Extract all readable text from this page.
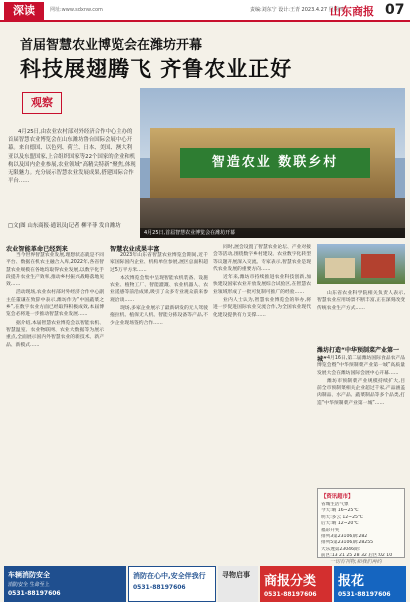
深读	网址:www.sdxnw.com	责编:刘东宁 设计:王青 2023.4.27 星期四
山东商报 07
首届智慧农业博览会在潍坊开幕
科技展翅腾飞 齐鲁农业正好
观察
4月25日,由农业农村部对外经济合作中心主办的首届智慧农业博览会在山东潍坊鲁台国际会展中心开幕。来自德国、以色列、荷兰、日本、美国、澳大利亚以及东盟国家,上合组织国家等22个国家的企业和机构以及国内企业参展,农业领域“高精尖特新”聚焦,体现无限魅力。充分展示智慧农业发展成果,搭建国际合作平台……
□文|图 山东商报·通讯员|记者 柳平菲 发自潍坊
智造农业 数联乡村
4月25日,首届智慧农业博览会在潍坊开幕
农业智能革命已经到来

当今世界智慧农业发展,理想状态就是不同平台、数据在机农主融合入库,2022年,各省智慧农业规模在各地均取得农业发展,以数字化手段提升农业生产效率,推动乡村振兴战略落地见效……

活动现场,农业农村部对外经济合作中心副主任董谦在致辞中表示,潍坊作为“中国蔬菜之乡”,在数字农业方面已经取得积极成效,本届博览会必将进一步推动智慧农业发展……

据介绍,本届智慧农业博览会以智能农机、智慧温室、农业物联网、农业大数据等为展示重点,全面展示国内外智慧农业的新技术、新产品、新模式……

智慧农业成果丰富

2023年山东省智慧农业博览会期间,近千家国际国内企业、机构单位参展,展区总面积超过5万平方米……

本次博览会集中呈现智能农机装备、设施农业、植物工厂、智能灌溉、农业机器人、农业遥感等前沿成果,吸引了众多专业观众前来参观洽谈……

现场,多家企业展示了最新研发的无人驾驶拖拉机、植保无人机、智能分拣设备等产品,不少企业现场签约合作……

同时,展会设置了智慧农业论坛、产业对接会等活动,围绕数字乡村建设、农业数字化转型等议题开展深入交流。专家表示,智慧农业是现代农业发展的重要方向……

近年来,潍坊市持续推进农业科技创新,加快建设国家农业开放发展综合试验区,在智慧农业领域形成了一批可复制可推广的经验……

业内人士认为,智慧农业博览会的举办,将进一步促进国际农业交流合作,为全国农业现代化建设提供有力支撑……

山东省农业科学院相关负责人表示,智慧农业应用场景不断丰富,正在深刻改变传统农业生产方式……

潍坊打造“中华预制菜产业第一城” 4月16日,第二届潍坊国际食品农产品博览会暨“中华预制菜产业第一城”高质量发展大会在潍坊国际会展中心开幕……

潍坊市预制菜产业规模持续扩大,目前全市预制菜相关企业超过千家,产品涵盖肉制品、水产品、蔬菜制品等多个品类,打造“中华预制菜产业第一城”……

【资讯超市】
省城生活气象
今天:晴 16~25℃
明天:多云 12~25℃
后天:晴 12~20℃
福彩开奖
排列3第23106期:282
排列5第23106期:28255
大乐透第23046期:
前区:13 21 25 28 32 后区:02 10
一切有刊物,和我们再约
车辆消防安全
消防安全 生命至上
0531-88197606
消防在心中,安全伴我行
0531-88197606
寻物启事	商报分类
0531-88197606
报花
0531-88197606
